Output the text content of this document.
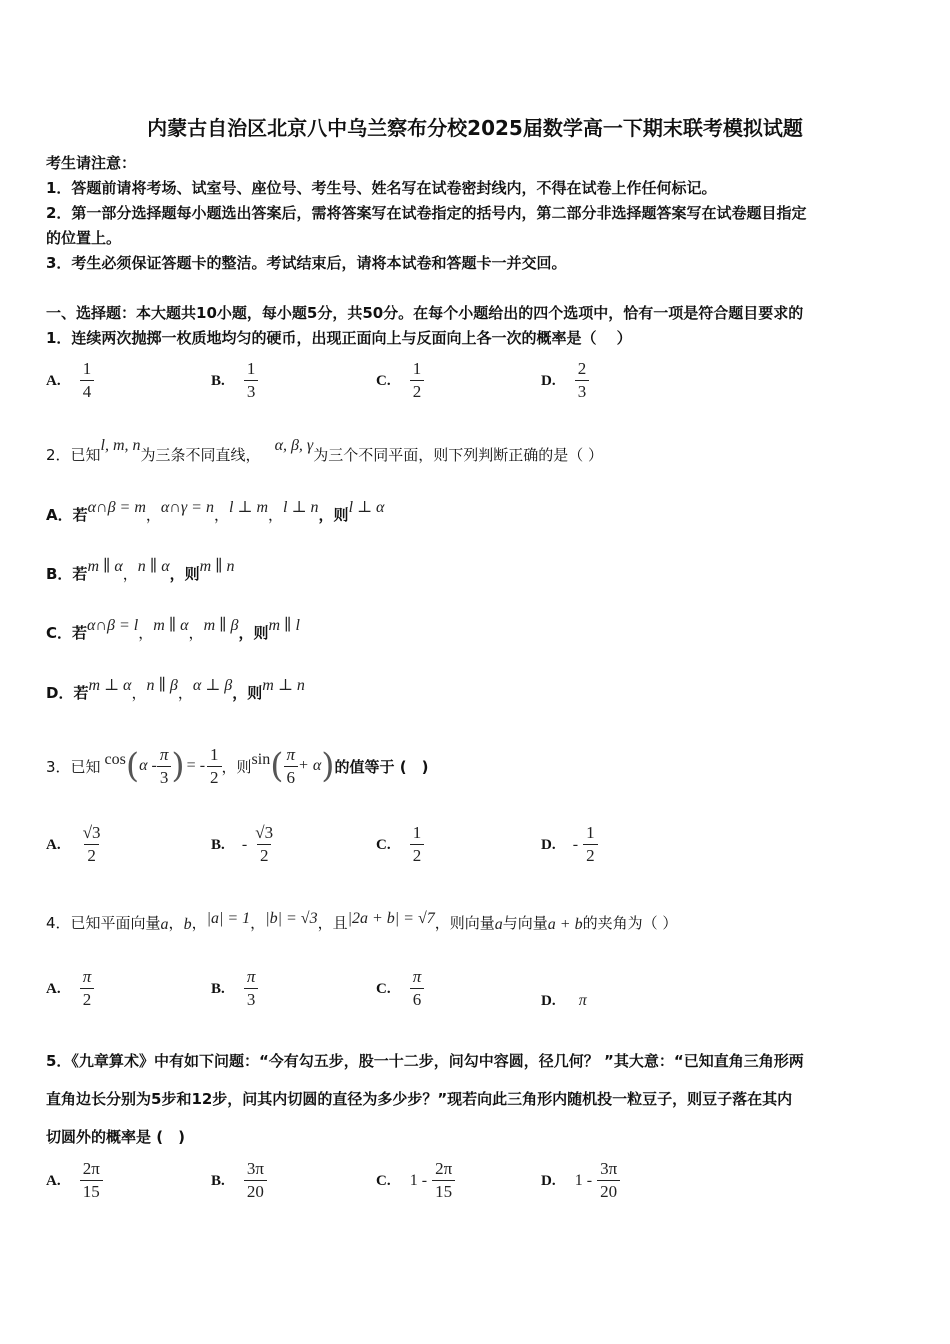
内蒙古自治区北京八中乌兰察布分校2025届数学高一下期末联考模拟试题
考生请注意：
1．答题前请将考场、试室号、座位号、考生号、姓名写在试卷密封线内，不得在试卷上作任何标记。
2．第一部分选择题每小题选出答案后，需将答案写在试卷指定的括号内，第二部分非选择题答案写在试卷题目指定
的位置上。
3．考生必须保证答题卡的整洁。考试结束后，请将本试卷和答题卡一并交回。
一、选择题：本大题共10小题，每小题5分，共50分。在每个小题给出的四个选项中，恰有一项是符合题目要求的
1．连续两次抛掷一枚质地均匀的硬币，出现正面向上与反面向上各一次的概率是（　 ）
A. $\frac{1}{4}$	B. $\frac{1}{3}$	C. $\frac{1}{2}$	D. $\frac{2}{3}$
2．已知l, m, n为三条不同直线，α, β, γ为三个不同平面，则下列判断正确的是（ ）
A．若α∩β = m，α∩γ = n，l ⊥ m，l ⊥ n，则l ⊥ α
B．若m ∥ α，n ∥ α，则m ∥ n
C．若α∩β = l，m ∥ α，m ∥ β，则m ∥ l
D．若m ⊥ α，n ∥ β，α ⊥ β，则m ⊥ n
3．已知 cos ( α - $\frac{\pi}{3}$ ) = - $\frac{1}{2}$ ，则 sin ( $\frac{\pi}{6} + \alpha$ ) 的值等于 (　)
A. $\frac{√3}{2}$	B. - $\frac{√3}{2}$	C. $\frac{1}{2}$	D. - $\frac{1}{2}$
4．已知平面向量 a ， b ， |a| = 1 ， |b| = √3 ，且 |2a + b| = √7 ，则向量 a 与向量 a + b 的夹角为（ ）
A. $\frac{\pi}{2}$	B. $\frac{\pi}{3}$	C. $\frac{\pi}{6}$	D. π
5．《九章算术》中有如下问题：“今有勾五步，股一十二步，问勾中容圆，径几何？ ”其大意：“已知直角三角形两
直角边长分别为5步和12步，问其内切圆的直径为多少步？”现若向此三角形内随机投一粒豆子，则豆子落在其内
切圆外的概率是 (　)
A. $\frac{2\pi}{15}$	B. $\frac{3\pi}{20}$	C. $1 - \frac{2\pi}{15}$	D. $1 - \frac{3\pi}{20}$
